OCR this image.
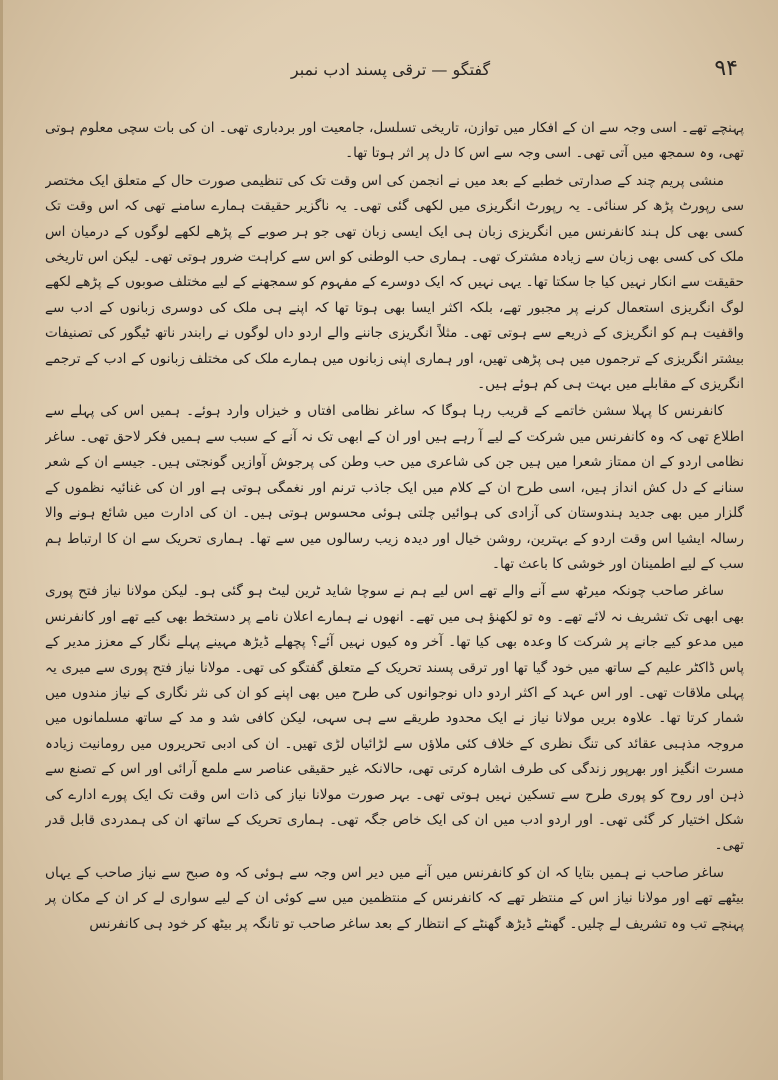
۹۴
گفتگو — ترقی پسند ادب نمبر

پہنچے تھے۔ اسی وجہ سے ان کے افکار میں توازن، تاریخی تسلسل، جامعیت اور بردباری تھی۔ ان کی بات سچی معلوم ہوتی تھی، وہ سمجھ میں آتی تھی۔ اسی وجہ سے اس کا دل پر اثر ہوتا تھا۔

منشی پریم چند کے صدارتی خطبے کے بعد میں نے انجمن کی اس وقت تک کی تنظیمی صورت حال کے متعلق ایک مختصر سی رپورٹ پڑھ کر سنائی۔ یہ رپورٹ انگریزی میں لکھی گئی تھی۔ یہ ناگزیر حقیقت ہمارے سامنے تھی کہ اس وقت تک کسی بھی کل ہند کانفرنس میں انگریزی زبان ہی ایک ایسی زبان تھی جو ہر صوبے کے پڑھے لکھے لوگوں کے درمیان اس ملک کی کسی بھی زبان سے زیادہ مشترک تھی۔ ہماری حب الوطنی کو اس سے کراہت ضرور ہوتی تھی۔ لیکن اس تاریخی حقیقت سے انکار نہیں کیا جا سکتا تھا۔ یہی نہیں کہ ایک دوسرے کے مفہوم کو سمجھنے کے لیے مختلف صوبوں کے پڑھے لکھے لوگ انگریزی استعمال کرنے پر مجبور تھے، بلکہ اکثر ایسا بھی ہوتا تھا کہ اپنے ہی ملک کی دوسری زبانوں کے ادب سے واقفیت ہم کو انگریزی کے ذریعے سے ہوتی تھی۔ مثلاً انگریزی جاننے والے اردو داں لوگوں نے رابندر ناتھ ٹیگور کی تصنیفات بیشتر انگریزی کے ترجموں میں ہی پڑھی تھیں، اور ہماری اپنی زبانوں میں ہمارے ملک کی مختلف زبانوں کے ادب کے ترجمے انگریزی کے مقابلے میں بہت ہی کم ہوئے ہیں۔

کانفرنس کا پہلا سشن خاتمے کے قریب رہا ہوگا کہ ساغر نظامی افتاں و خیزاں وارد ہوئے۔ ہمیں اس کی پہلے سے اطلاع تھی کہ وہ کانفرنس میں شرکت کے لیے آ رہے ہیں اور ان کے ابھی تک نہ آنے کے سبب سے ہمیں فکر لاحق تھی۔ ساغر نظامی اردو کے ان ممتاز شعرا میں ہیں جن کی شاعری میں حب وطن کی پرجوش آوازیں گونجتی ہیں۔ جیسے ان کے شعر سنانے کے دل کش انداز ہیں، اسی طرح ان کے کلام میں ایک جاذب ترنم اور نغمگی ہوتی ہے اور ان کی غنائیہ نظموں کے گلزار میں بھی جدید ہندوستان کی آزادی کی ہوائیں چلتی ہوئی محسوس ہوتی ہیں۔ ان کی ادارت میں شائع ہونے والا رسالہ ایشیا اس وقت اردو کے بہترین، روشن خیال اور دیدہ زیب رسالوں میں سے تھا۔ ہماری تحریک سے ان کا ارتباط ہم سب کے لیے اطمینان اور خوشی کا باعث تھا۔

ساغر صاحب چونکہ میرٹھ سے آنے والے تھے اس لیے ہم نے سوچا شاید ٹرین لیٹ ہو گئی ہو۔ لیکن مولانا نیاز فتح پوری بھی ابھی تک تشریف نہ لائے تھے۔ وہ تو لکھنؤ ہی میں تھے۔ انھوں نے ہمارے اعلان نامے پر دستخط بھی کیے تھے اور کانفرنس میں مدعو کیے جانے پر شرکت کا وعدہ بھی کیا تھا۔ آخر وہ کیوں نہیں آئے؟ پچھلے ڈیڑھ مہینے پہلے نگار کے معزز مدیر کے پاس ڈاکٹر علیم کے ساتھ میں خود گیا تھا اور ترقی پسند تحریک کے متعلق گفتگو کی تھی۔ مولانا نیاز فتح پوری سے میری یہ پہلی ملاقات تھی۔ اور اس عہد کے اکثر اردو داں نوجوانوں کی طرح میں بھی اپنے کو ان کی نثر نگاری کے نیاز مندوں میں شمار کرتا تھا۔ علاوہ بریں مولانا نیاز نے ایک محدود طریقے سے ہی سہی، لیکن کافی شد و مد کے ساتھ مسلمانوں میں مروجہ مذہبی عقائد کی تنگ نظری کے خلاف کئی ملاؤں سے لڑائیاں لڑی تھیں۔ ان کی ادبی تحریروں میں رومانیت زیادہ مسرت انگیز اور بھرپور زندگی کی طرف اشارہ کرتی تھی، حالانکہ غیر حقیقی عناصر سے ملمع آرائی اور اس کے تصنع سے ذہن اور روح کو پوری طرح سے تسکین نہیں ہوتی تھی۔ بہر صورت مولانا نیاز کی ذات اس وقت تک ایک پورے ادارے کی شکل اختیار کر گئی تھی۔ اور اردو ادب میں ان کی ایک خاص جگہ تھی۔ ہماری تحریک کے ساتھ ان کی ہمدردی قابل قدر تھی۔

ساغر صاحب نے ہمیں بتایا کہ ان کو کانفرنس میں آنے میں دیر اس وجہ سے ہوئی کہ وہ صبح سے نیاز صاحب کے یہاں بیٹھے تھے اور مولانا نیاز اس کے منتظر تھے کہ کانفرنس کے منتظمین میں سے کوئی ان کے لیے سواری لے کر ان کے مکان پر پہنچے تب وہ تشریف لے چلیں۔ گھنٹے ڈیڑھ گھنٹے کے انتظار کے بعد ساغر صاحب تو تانگہ پر بیٹھ کر خود ہی کانفرنس
